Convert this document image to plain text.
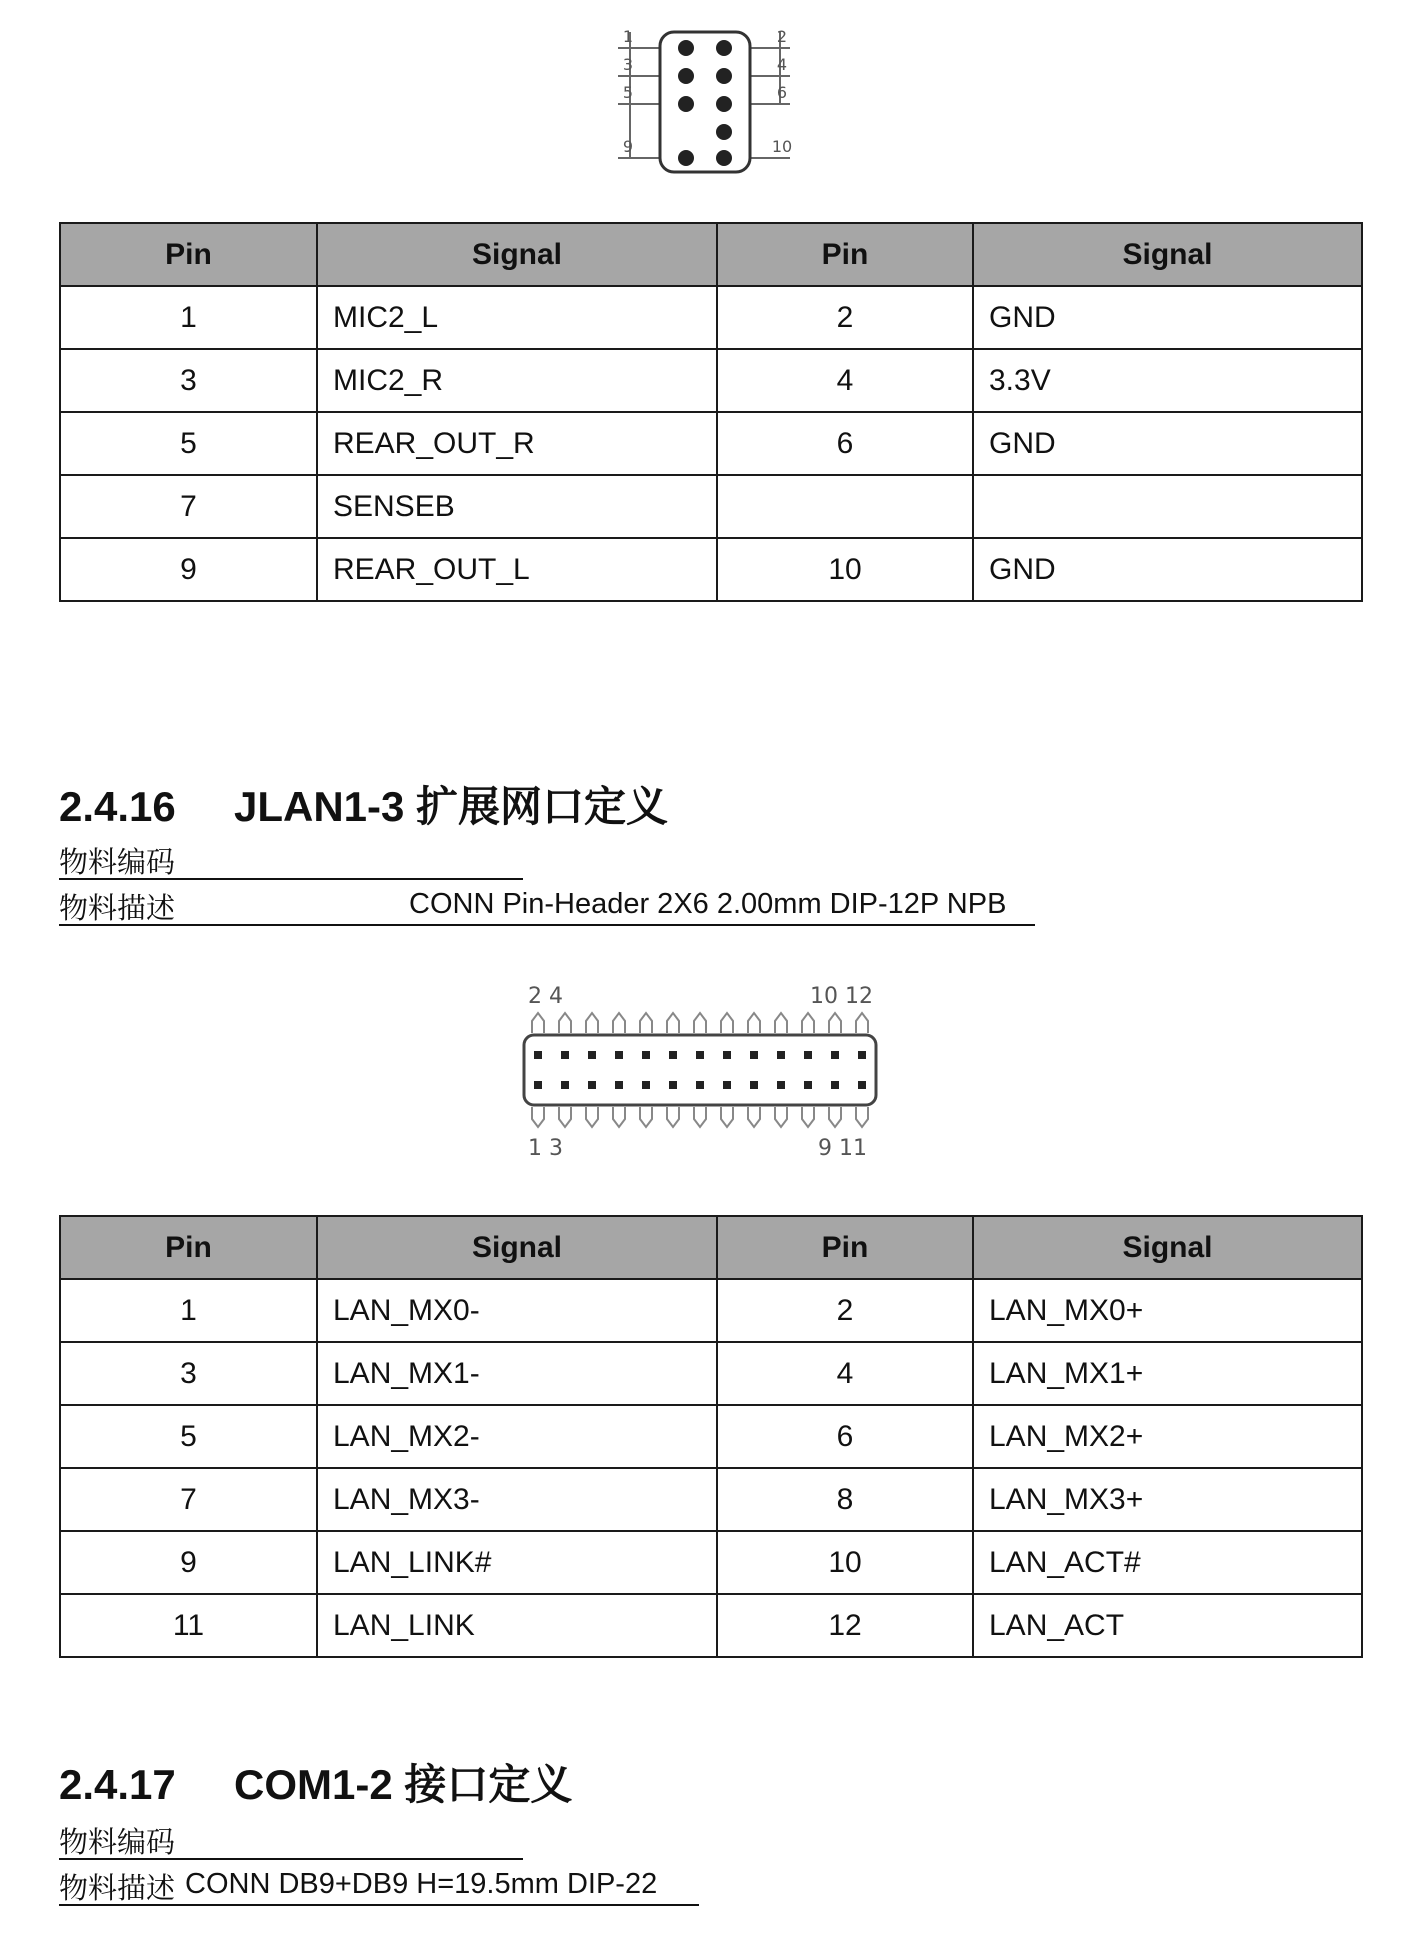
1	2
3	4
5	6
9	10
Pin	Signal	Pin	Signal
1	MIC2_L	2	GND
3	MIC2_R	4	3.3V
5	REAR_OUT_R	6	GND
7	SENSEB		
9	REAR_OUT_L	10	GND
2.4.16 JLAN1-3 扩展网口定义
物料编码
物料描述	CONN Pin-Header 2X6 2.00mm DIP-12P NPB
2 4	10 12
1 3	9 11
Pin	Signal	Pin	Signal
1	LAN_MX0-	2	LAN_MX0+
3	LAN_MX1-	4	LAN_MX1+
5	LAN_MX2-	6	LAN_MX2+
7	LAN_MX3-	8	LAN_MX3+
9	LAN_LINK#	10	LAN_ACT#
11	LAN_LINK	12	LAN_ACT
2.4.17 COM1-2 接口定义
物料编码
物料描述 CONN DB9+DB9 H=19.5mm DIP-22
